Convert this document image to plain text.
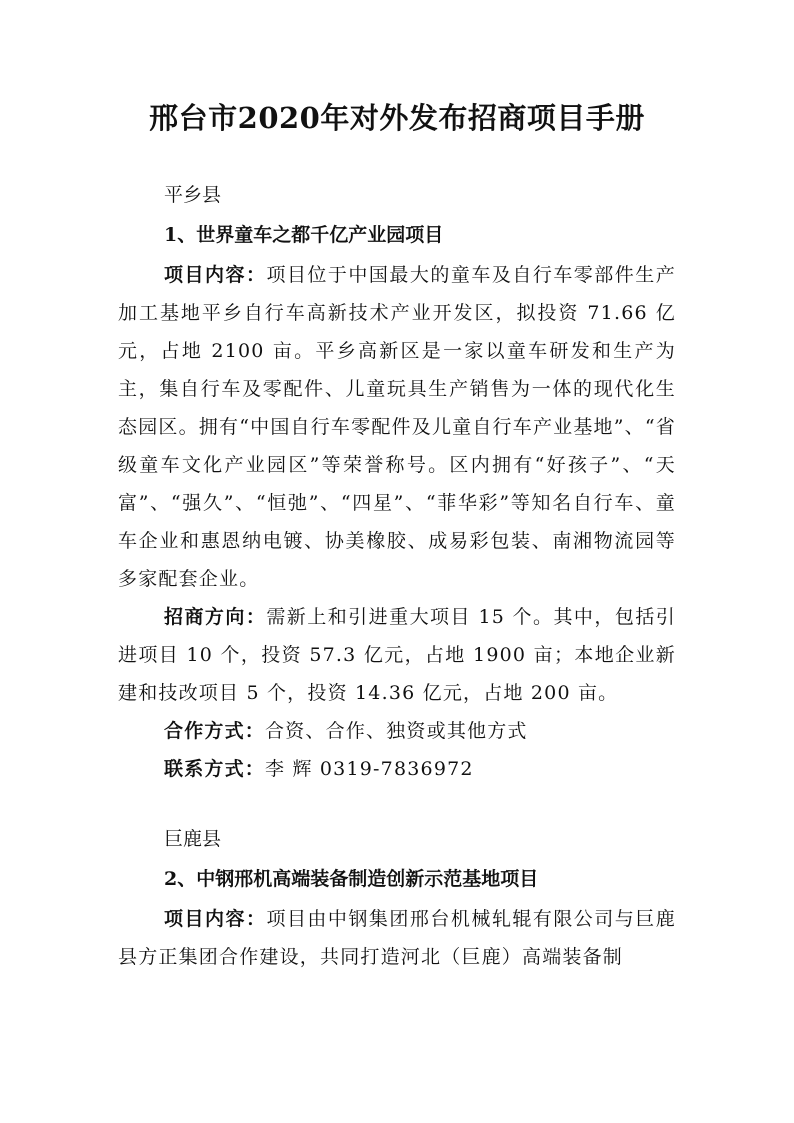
邢台市2020年对外发布招商项目手册
平乡县
1、世界童车之都千亿产业园项目

项目内容：项目位于中国最大的童车及自行车零部件生产加工基地平乡自行车高新技术产业开发区，拟投资 71.66 亿元，占地 2100 亩。平乡高新区是一家以童车研发和生产为主，集自行车及零配件、儿童玩具生产销售为一体的现代化生态园区。拥有“中国自行车零配件及儿童自行车产业基地”、“省级童车文化产业园区”等荣誉称号。区内拥有“好孩子”、“天富”、“强久”、“恒弛”、“四星”、“菲华彩”等知名自行车、童车企业和惠恩纳电镀、协美橡胶、成易彩包装、南湘物流园等多家配套企业。

招商方向：需新上和引进重大项目 15 个。其中，包括引进项目 10 个，投资 57.3 亿元，占地 1900 亩；本地企业新建和技改项目 5 个，投资 14.36 亿元，占地 200 亩。

合作方式：合资、合作、独资或其他方式

联系方式：李 辉 0319-7836972

巨鹿县
2、中钢邢机高端装备制造创新示范基地项目

项目内容：项目由中钢集团邢台机械轧辊有限公司与巨鹿县方正集团合作建设，共同打造河北（巨鹿）高端装备制
